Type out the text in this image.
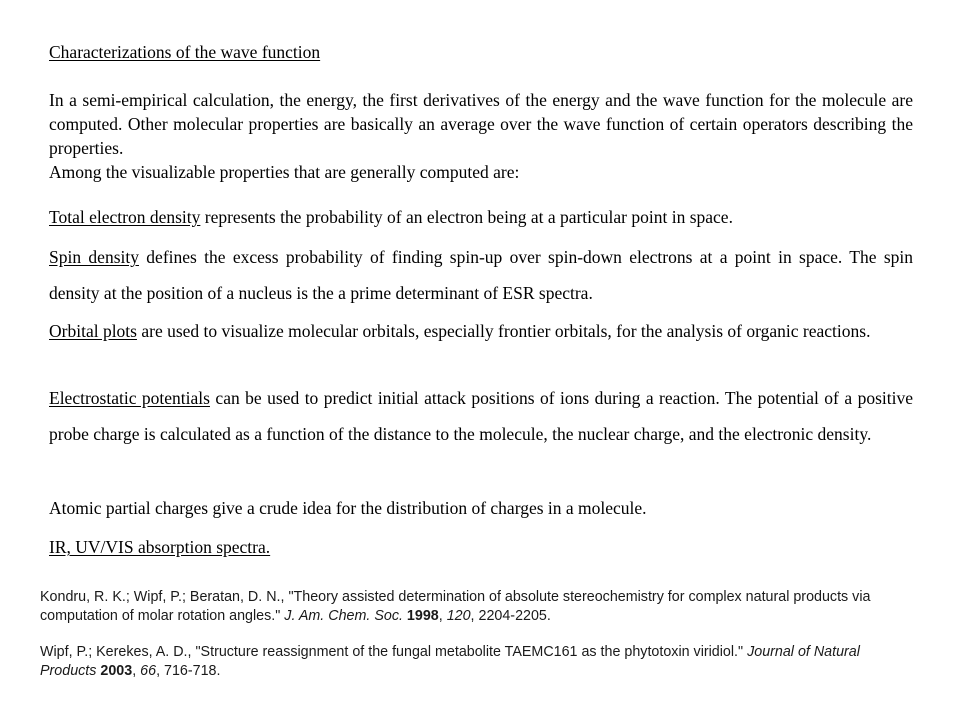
Characterizations of the wave function

In a semi-empirical calculation, the energy, the first derivatives of the energy and the wave function for the molecule are computed. Other molecular properties are basically an average over the wave function of certain operators describing the properties.

Among the visualizable properties that are generally computed are:

Total electron density represents the probability of an electron being at a particular point in space.

Spin density defines the excess probability of finding spin-up over spin-down electrons at a point in space. The spin density at the position of a nucleus is the a prime determinant of ESR spectra.

Orbital plots are used to visualize molecular orbitals, especially frontier orbitals, for the analysis of organic reactions.

Electrostatic potentials can be used to predict initial attack positions of ions during a reaction. The potential of a positive probe charge is calculated as a function of the distance to the molecule, the nuclear charge, and the electronic density.

Atomic partial charges give a crude idea for the distribution of charges in a molecule.

IR, UV/VIS absorption spectra.

Kondru, R. K.; Wipf, P.; Beratan, D. N., "Theory assisted determination of absolute stereochemistry for complex natural products via computation of molar rotation angles." J. Am. Chem. Soc. 1998, 120, 2204-2205.

Wipf, P.; Kerekes, A. D., "Structure reassignment of the fungal metabolite TAEMC161 as the phytotoxin viridiol." Journal of Natural Products 2003, 66, 716-718.
